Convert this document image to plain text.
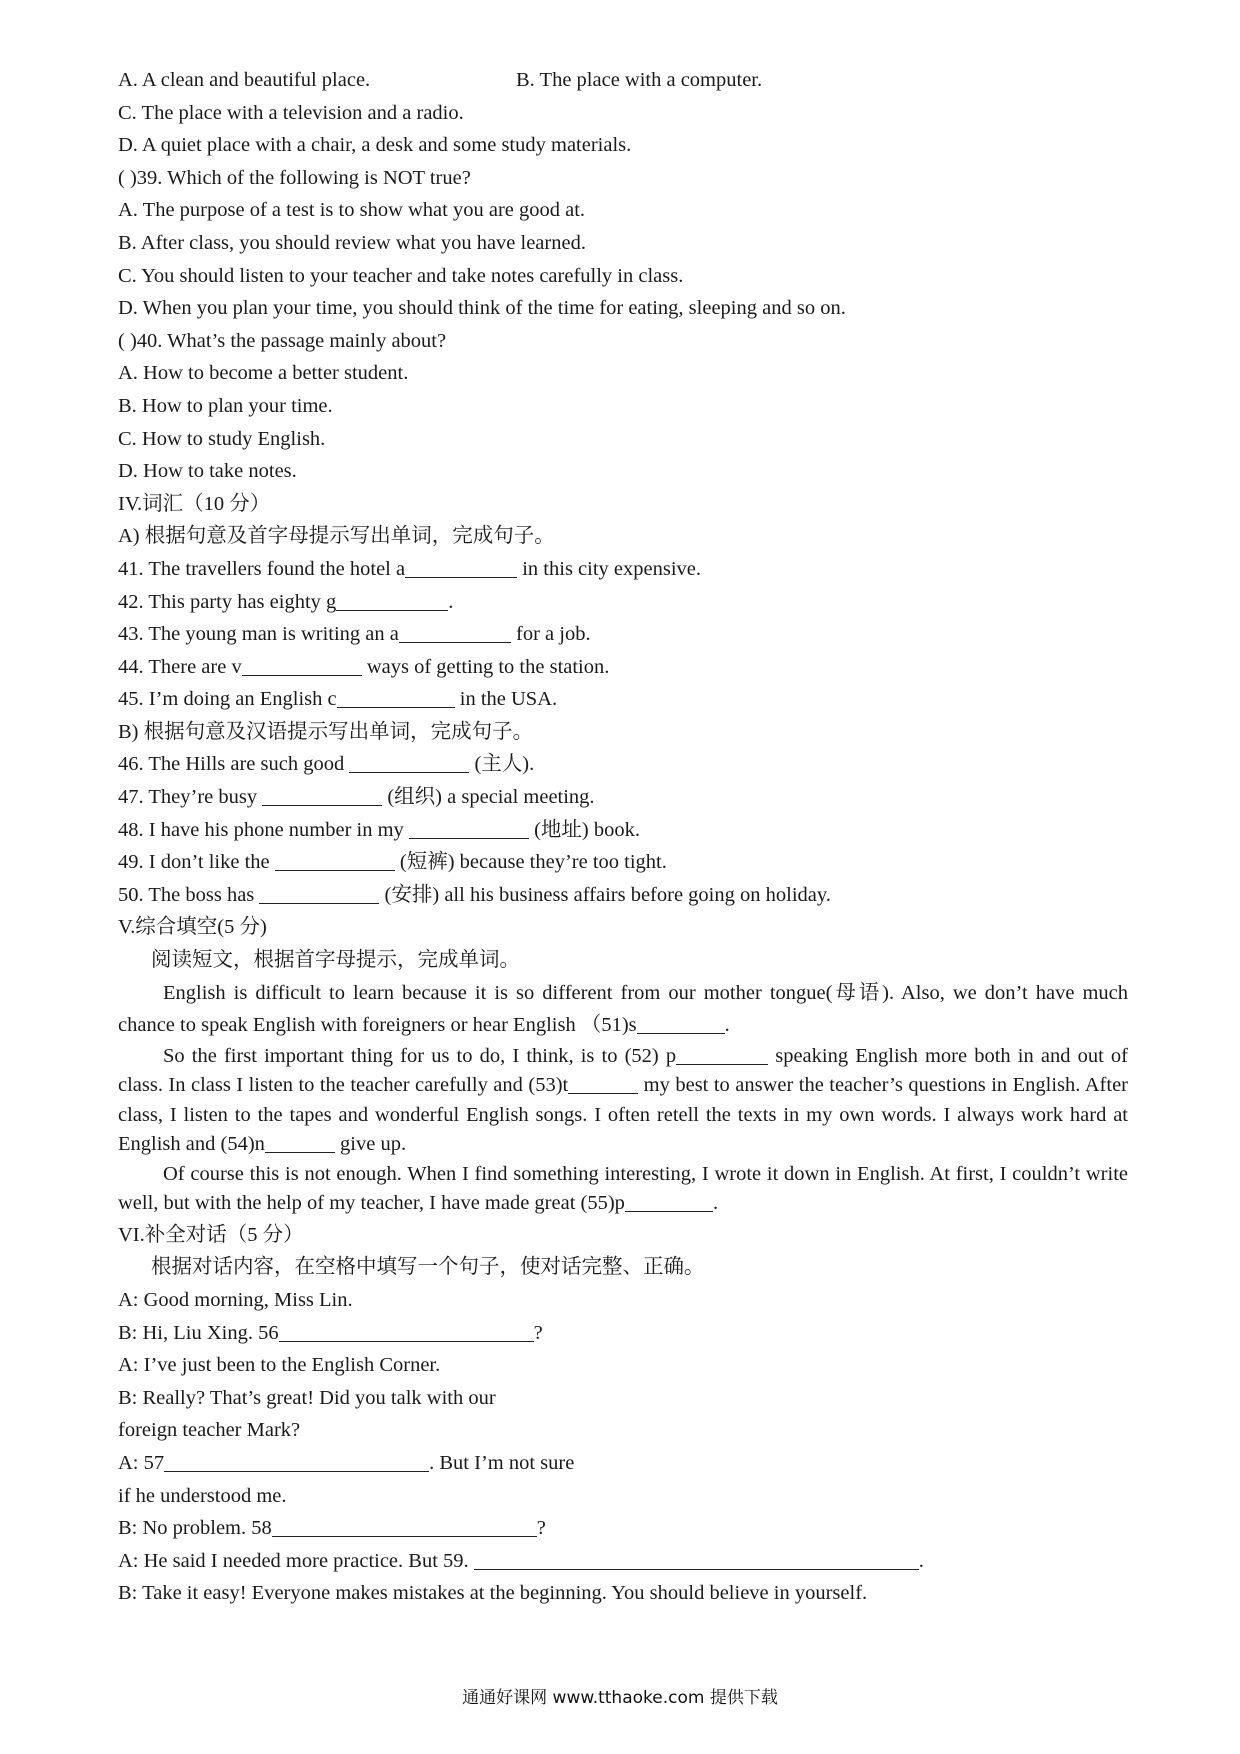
A. A clean and beautiful place.	B. The place with a computer.
C. The place with a television and a radio.
D. A quiet place with a chair, a desk and some study materials.
( )39. Which of the following is NOT true?
A. The purpose of a test is to show what you are good at.
B. After class, you should review what you have learned.
C. You should listen to your teacher and take notes carefully in class.
D. When you plan your time, you should think of the time for eating, sleeping and so on.
( )40. What’s the passage mainly about?
A. How to become a better student.
B. How to plan your time.
C. How to study English.
D. How to take notes.
IV.词汇（10 分）
A) 根据句意及首字母提示写出单词，完成句子。
41. The travellers found the hotel a	in this city expensive.
42. This party has eighty g	.
43. The young man is writing an a	for a job.
44. There are v	ways of getting to the station.
45. I’m doing an English c	in the USA.
B) 根据句意及汉语提示写出单词，完成句子。
46. The Hills are such good	(主人).
47. They’re busy	(组织) a special meeting.
48. I have his phone number in my	(地址) book.
49. I don’t like the	(短裤) because they’re too tight.
50. The boss has	(安排) all his business affairs before going on holiday.
V.综合填空(5 分)
阅读短文，根据首字母提示，完成单词。
English is difficult to learn because it is so different from our mother tongue(母语). Also, we don’t have much chance to speak English with foreigners or hear English （51)s	.
So the first important thing for us to do, I think, is to (52) p	speaking English more both in and out of class. In class I listen to the teacher carefully and (53)t	my best to answer the teacher’s questions in English. After class, I listen to the tapes and wonderful English songs. I often retell the texts in my own words. I always work hard at English and (54)n	give up.
Of course this is not enough. When I find something interesting, I wrote it down in English. At first, I couldn’t write well, but with the help of my teacher, I have made great (55)p	.
VI.补全对话（5 分）
根据对话内容，在空格中填写一个句子，使对话完整、正确。
A: Good morning, Miss Lin.
B: Hi, Liu Xing. 56	?
A: I’ve just been to the English Corner.
B: Really? That’s great! Did you talk with our
foreign teacher Mark?
A: 57	. But I’m not sure
if he understood me.
B: No problem. 58	?
A: He said I needed more practice. But 59.	.
B: Take it easy! Everyone makes mistakes at the beginning. You should believe in yourself.
通通好课网 www.tthaoke.com 提供下载
